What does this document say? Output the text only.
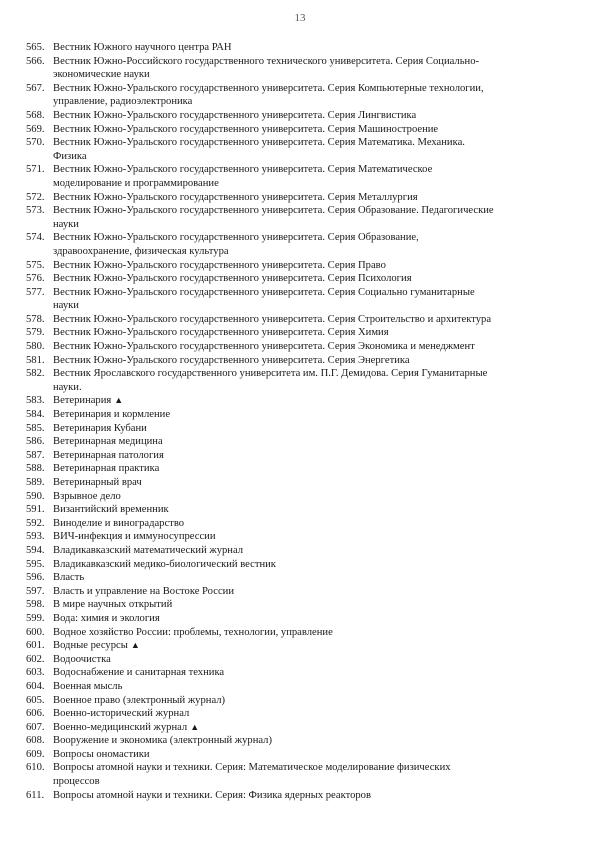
13
565. Вестник Южного научного центра РАН
566. Вестник Южно-Российского государственного технического университета. Серия Социально-
экономические науки
567. Вестник Южно-Уральского государственного университета. Серия Компьютерные технологии,
управление, радиоэлектроника
568. Вестник Южно-Уральского государственного университета. Серия Лингвистика
569. Вестник Южно-Уральского государственного университета. Серия Машиностроение
570. Вестник Южно-Уральского государственного университета. Серия Математика. Механика.
Физика
571. Вестник Южно-Уральского государственного университета. Серия Математическое
моделирование и программирование
572. Вестник Южно-Уральского государственного университета. Серия Металлургия
573. Вестник Южно-Уральского государственного университета. Серия Образование. Педагогические
науки
574. Вестник Южно-Уральского государственного университета. Серия Образование,
здравоохранение, физическая культура
575. Вестник Южно-Уральского государственного университета. Серия Право
576. Вестник Южно-Уральского государственного университета. Серия Психология
577. Вестник Южно-Уральского государственного университета. Серия Социально гуманитарные
науки
578. Вестник Южно-Уральского государственного университета. Серия Строительство и архитектура
579. Вестник Южно-Уральского государственного университета. Серия Химия
580. Вестник Южно-Уральского государственного университета. Серия Экономика и менеджмент
581. Вестник Южно-Уральского государственного университета. Серия Энергетика
582. Вестник Ярославского государственного университета им. П.Г. Демидова. Серия Гуманитарные
науки.
583. Ветеринария ▲
584. Ветеринария и кормление
585. Ветеринария Кубани
586. Ветеринарная медицина
587. Ветеринарная патология
588. Ветеринарная практика
589. Ветеринарный врач
590. Взрывное дело
591. Византийский временник
592. Виноделие и виноградарство
593. ВИЧ-инфекция и иммуносупрессии
594. Владикавказский математический журнал
595. Владикавказский медико-биологический вестник
596. Власть
597. Власть и управление на Востоке России
598. В мире научных открытий
599. Вода: химия и экология
600. Водное хозяйство России: проблемы, технологии, управление
601. Водные ресурсы ▲
602. Водоочистка
603. Водоснабжение и санитарная техника
604. Военная мысль
605. Военное право (электронный журнал)
606. Военно-исторический журнал
607. Военно-медицинский журнал ▲
608. Вооружение и экономика (электронный журнал)
609. Вопросы ономастики
610. Вопросы атомной науки и техники. Серия: Математическое моделирование физических
процессов
611. Вопросы атомной науки и техники. Серия: Физика ядерных реакторов
